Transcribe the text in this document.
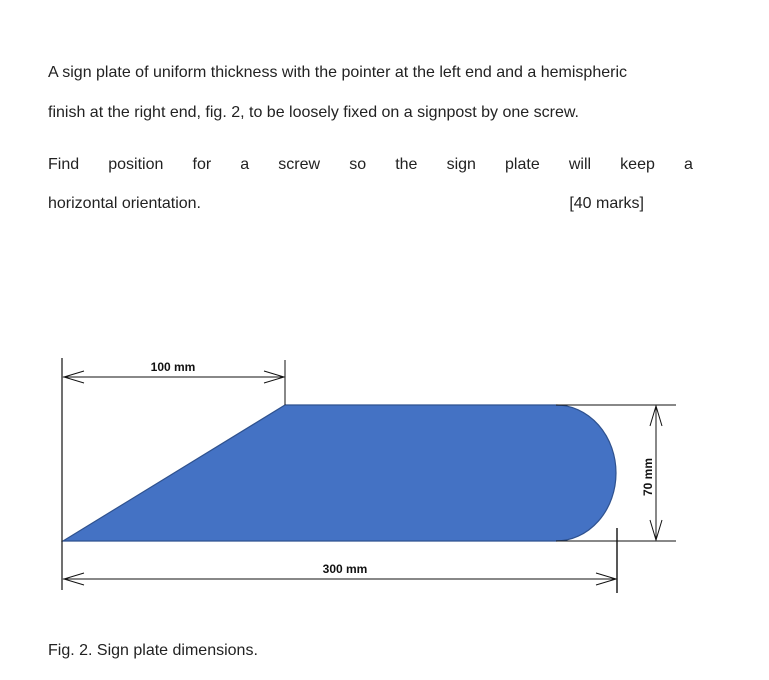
A sign plate of uniform thickness with the pointer at the left end and a hemispheric
finish at the right end, fig. 2, to be loosely fixed on a signpost by one screw.
Find position for a screw so the sign plate will keep a
horizontal orientation.	[40 marks]
100 mm
300 mm
70 mm
Fig. 2. Sign plate dimensions.
